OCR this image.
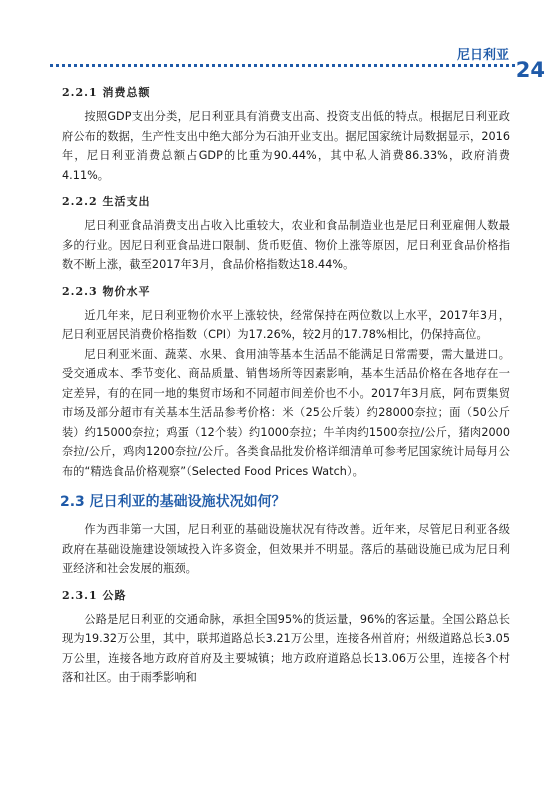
尼日利亚
24
2.2.1 消费总额

按照GDP支出分类，尼日利亚具有消费支出高、投资支出低的特点。根据尼日利亚政府公布的数据，生产性支出中绝大部分为石油开业支出。据尼国家统计局数据显示，2016年，尼日利亚消费总额占GDP的比重为90.44%，其中私人消费86.33%，政府消费4.11%。

2.2.2 生活支出

尼日利亚食品消费支出占收入比重较大，农业和食品制造业也是尼日利亚雇佣人数最多的行业。因尼日利亚食品进口限制、货币贬值、物价上涨等原因，尼日利亚食品价格指数不断上涨，截至2017年3月，食品价格指数达18.44%。

2.2.3 物价水平

近几年来，尼日利亚物价水平上涨较快，经常保持在两位数以上水平，2017年3月，尼日利亚居民消费价格指数（CPI）为17.26%，较2月的17.78%相比，仍保持高位。

尼日利亚米面、蔬菜、水果、食用油等基本生活品不能满足日常需要，需大量进口。受交通成本、季节变化、商品质量、销售场所等因素影响，基本生活品价格在各地存在一定差异，有的在同一地的集贸市场和不同超市间差价也不小。2017年3月底，阿布贾集贸市场及部分超市有关基本生活品参考价格：米（25公斤装）约28000奈拉；面（50公斤装）约15000奈拉；鸡蛋（12个装）约1000奈拉；牛羊肉约1500奈拉/公斤，猪肉2000奈拉/公斤，鸡肉1200奈拉/公斤。各类食品批发价格详细清单可参考尼国家统计局每月公布的“精选食品价格观察”（Selected Food Prices Watch）。

2.3 尼日利亚的基础设施状况如何？

作为西非第一大国，尼日利亚的基础设施状况有待改善。近年来，尽管尼日利亚各级政府在基础设施建设领域投入许多资金，但效果并不明显。落后的基础设施已成为尼日利亚经济和社会发展的瓶颈。

2.3.1 公路

公路是尼日利亚的交通命脉，承担全国95%的货运量，96%的客运量。全国公路总长现为19.32万公里，其中，联邦道路总长3.21万公里，连接各州首府；州级道路总长3.05万公里，连接各地方政府首府及主要城镇；地方政府道路总长13.06万公里，连接各个村落和社区。由于雨季影响和
